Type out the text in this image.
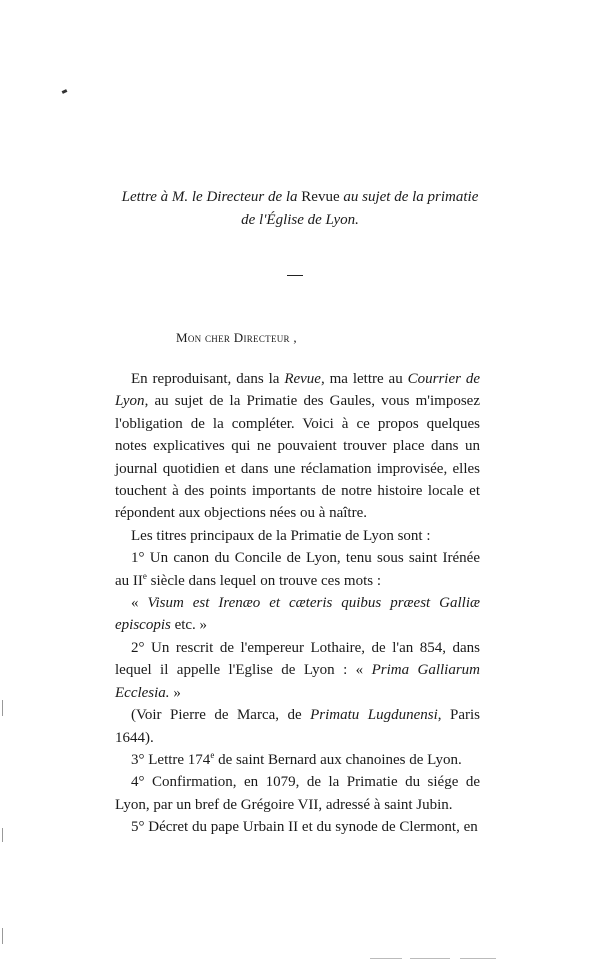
Lettre à M. le Directeur de la Revue au sujet de la primatie
de l'Église de Lyon.
Mon cher Directeur ,

En reproduisant, dans la Revue, ma lettre au Courrier de Lyon, au sujet de la Primatie des Gaules, vous m'imposez l'obligation de la compléter. Voici à ce propos quelques notes explicatives qui ne pouvaient trouver place dans un journal quotidien et dans une réclamation improvisée, elles touchent à des points importants de notre histoire locale et répondent aux objections nées ou à naître.

Les titres principaux de la Primatie de Lyon sont :

1° Un canon du Concile de Lyon, tenu sous saint Irénée au IIe siècle dans lequel on trouve ces mots :

« Visum est Irenæo et cæteris quibus præest Galliæ episcopis etc. »

2° Un rescrit de l'empereur Lothaire, de l'an 854, dans lequel il appelle l'Eglise de Lyon : « Prima Galliarum Ecclesia. »

(Voir Pierre de Marca, de Primatu Lugdunensi, Paris 1644).

3° Lettre 174e de saint Bernard aux chanoines de Lyon.

4° Confirmation, en 1079, de la Primatie du siége de Lyon, par un bref de Grégoire VII, adressé à saint Jubin.

5° Décret du pape Urbain II et du synode de Clermont, en
